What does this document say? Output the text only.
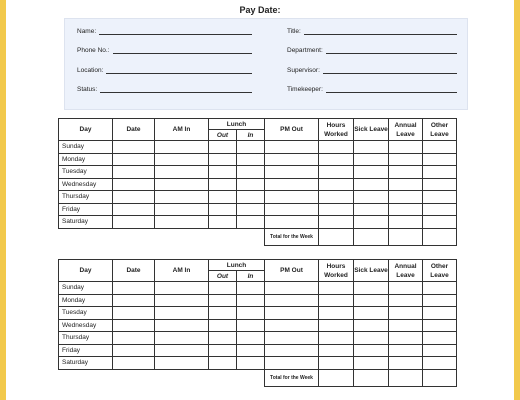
Pay Date:
Name:
Phone No.:
Location:
Status:
Title:
Department:
Supervisor:
Timekeeper:
Day	Date	AM In	Lunch		PM Out	Hours Worked	Sick Leave	Annual Leave	Other Leave
			Out	In					
Sunday									
Monday									
Tuesday									
Wednesday									
Thursday									
Friday									
Saturday									
					Total for the Week				
Day	Date	AM In	Lunch		PM Out	Hours Worked	Sick Leave	Annual Leave	Other Leave
			Out	In					
Sunday									
Monday									
Tuesday									
Wednesday									
Thursday									
Friday									
Saturday									
					Total for the Week				
